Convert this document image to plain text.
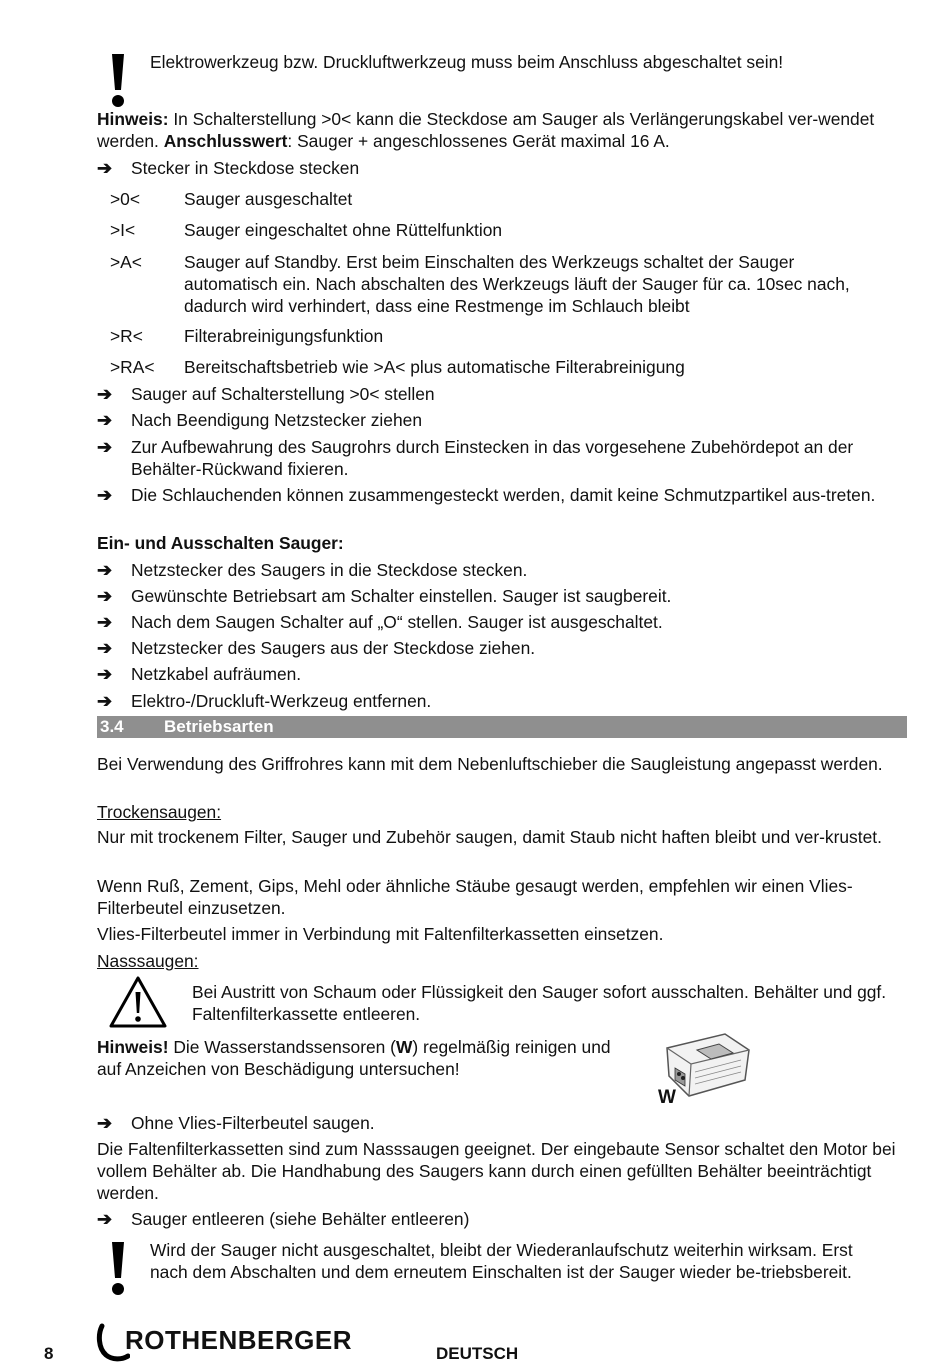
Elektrowerkzeug bzw. Druckluftwerkzeug muss beim Anschluss abgeschaltet sein!

Hinweis: In Schalterstellung >0< kann die Steckdose am Sauger als Verlängerungskabel ver-wendet werden. Anschlusswert: Sauger + angeschlossenes Gerät maximal 16 A.

➔	Stecker in Steckdose stecken
>0<	Sauger ausgeschaltet
>I<	Sauger eingeschaltet ohne Rüttelfunktion
>A< Sauger auf Standby. Erst beim Einschalten des Werkzeugs schaltet der Sauger automatisch ein. Nach abschalten des Werkzeugs läuft der Sauger für ca. 10sec nach, dadurch wird verhindert, dass eine Restmenge im Schlauch bleibt
>R< Filterabreinigungsfunktion
>RA< Bereitschaftsbetrieb wie >A< plus automatische Filterabreinigung
➔	Sauger auf Schalterstellung >0< stellen
➔	Nach Beendigung Netzstecker ziehen
➔	Zur Aufbewahrung des Saugrohrs durch Einstecken in das vorgesehene Zubehördepot an der Behälter-Rückwand fixieren.
➔	Die Schlauchenden können zusammengesteckt werden, damit keine Schmutzpartikel aus-treten.
Ein- und Ausschalten Sauger:
➔	Netzstecker des Saugers in die Steckdose stecken.
➔	Gewünschte Betriebsart am Schalter einstellen. Sauger ist saugbereit.
➔	Nach dem Saugen Schalter auf „O“ stellen. Sauger ist ausgeschaltet.
➔	Netzstecker des Saugers aus der Steckdose ziehen.
➔	Netzkabel aufräumen.
➔	Elektro-/Druckluft-Werkzeug entfernen.
3.4 Betriebsarten

Bei Verwendung des Griffrohres kann mit dem Nebenluftschieber die Saugleistung angepasst werden.

Trockensaugen:

Nur mit trockenem Filter, Sauger und Zubehör saugen, damit Staub nicht haften bleibt und ver-krustet.

Wenn Ruß, Zement, Gips, Mehl oder ähnliche Stäube gesaugt werden, empfehlen wir einen Vlies-Filterbeutel einzusetzen.

Vlies-Filterbeutel immer in Verbindung mit Faltenfilterkassetten einsetzen.

Nasssaugen:
Bei Austritt von Schaum oder Flüssigkeit den Sauger sofort ausschalten. Behälter und ggf. Faltenfilterkassette entleeren.
Hinweis! Die Wasserstandssensoren (W) regelmäßig reinigen und auf Anzeichen von Beschädigung untersuchen!
W
➔	Ohne Vlies-Filterbeutel saugen.

Die Faltenfilterkassetten sind zum Nasssaugen geeignet. Der eingebaute Sensor schaltet den Motor bei vollem Behälter ab. Die Handhabung des Saugers kann durch einen gefüllten Behälter beeinträchtigt werden.

➔	Sauger entleeren (siehe Behälter entleeren)
Wird der Sauger nicht ausgeschaltet, bleibt der Wiederanlaufschutz weiterhin wirksam. Erst nach dem Abschalten und dem erneutem Einschalten ist der Sauger wieder be-triebsbereit.
8	ROTHENBERGER	DEUTSCH
